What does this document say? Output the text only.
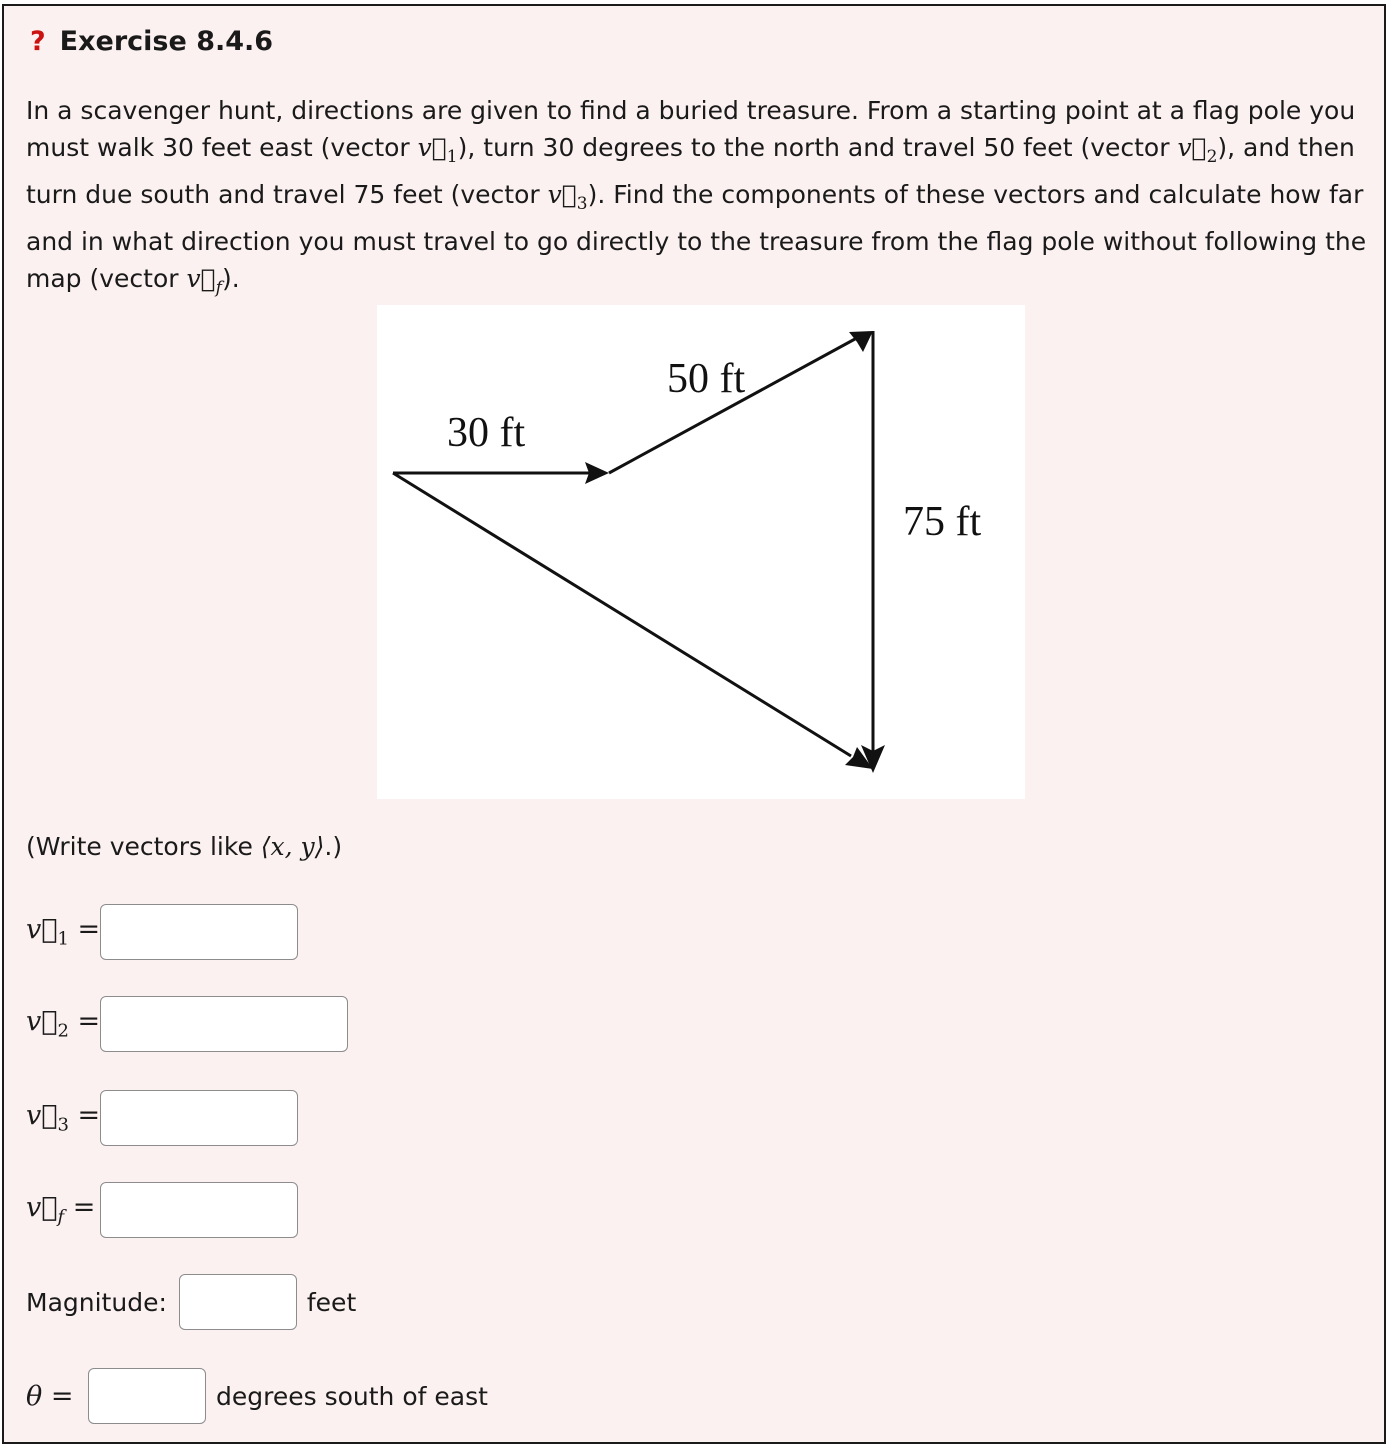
? Exercise 8.4.6

In a scavenger hunt, directions are given to find a buried treasure. From a starting point at a flag pole you must walk 30 feet east (vector $v⃗_1$), turn 30 degrees to the north and travel 50 feet (vector $v⃗_2$), and then turn due south and travel 75 feet (vector $v⃗_3$). Find the components of these vectors and calculate how far and in what direction you must travel to go directly to the treasure from the flag pole without following the map (vector $v⃗_f$).

30 ft
50 ft
75 ft
(Write vectors like ⟨x, y⟩.)
$v⃗_1$ =
$v⃗_2$ =
$v⃗_3$ =
$v⃗_f$ =
Magnitude:	feet
θ =	degrees south of east
